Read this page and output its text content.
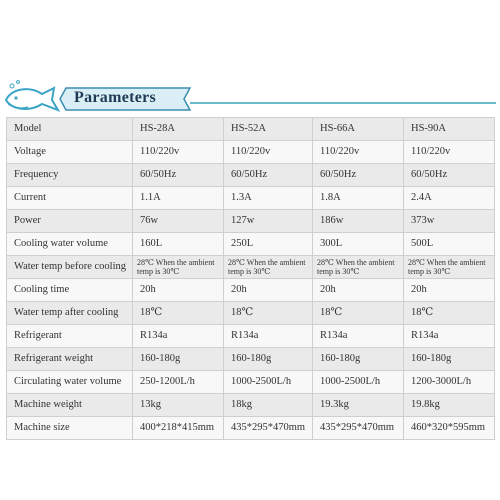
Parameters
Model	HS-28A	HS-52A	HS-66A	HS-90A
Voltage	110/220v	110/220v	110/220v	110/220v
Frequency	60/50Hz	60/50Hz	60/50Hz	60/50Hz
Current	1.1A	1.3A	1.8A	2.4A
Power	76w	127w	186w	373w
Cooling water volume	160L	250L	300L	500L
Water temp before cooling	28℃ When the ambient temp is 30℃	28℃ When the ambient temp is 30℃	28℃ When the ambient temp is 30℃	28℃ When the ambient temp is 30℃
Cooling time	20h	20h	20h	20h
Water temp after cooling	18℃	18℃	18℃	18℃
Refrigerant	R134a	R134a	R134a	R134a
Refrigerant weight	160-180g	160-180g	160-180g	160-180g
Circulating water volume	250-1200L/h	1000-2500L/h	1000-2500L/h	1200-3000L/h
Machine weight	13kg	18kg	19.3kg	19.8kg
Machine size	400*218*415mm	435*295*470mm	435*295*470mm	460*320*595mm
